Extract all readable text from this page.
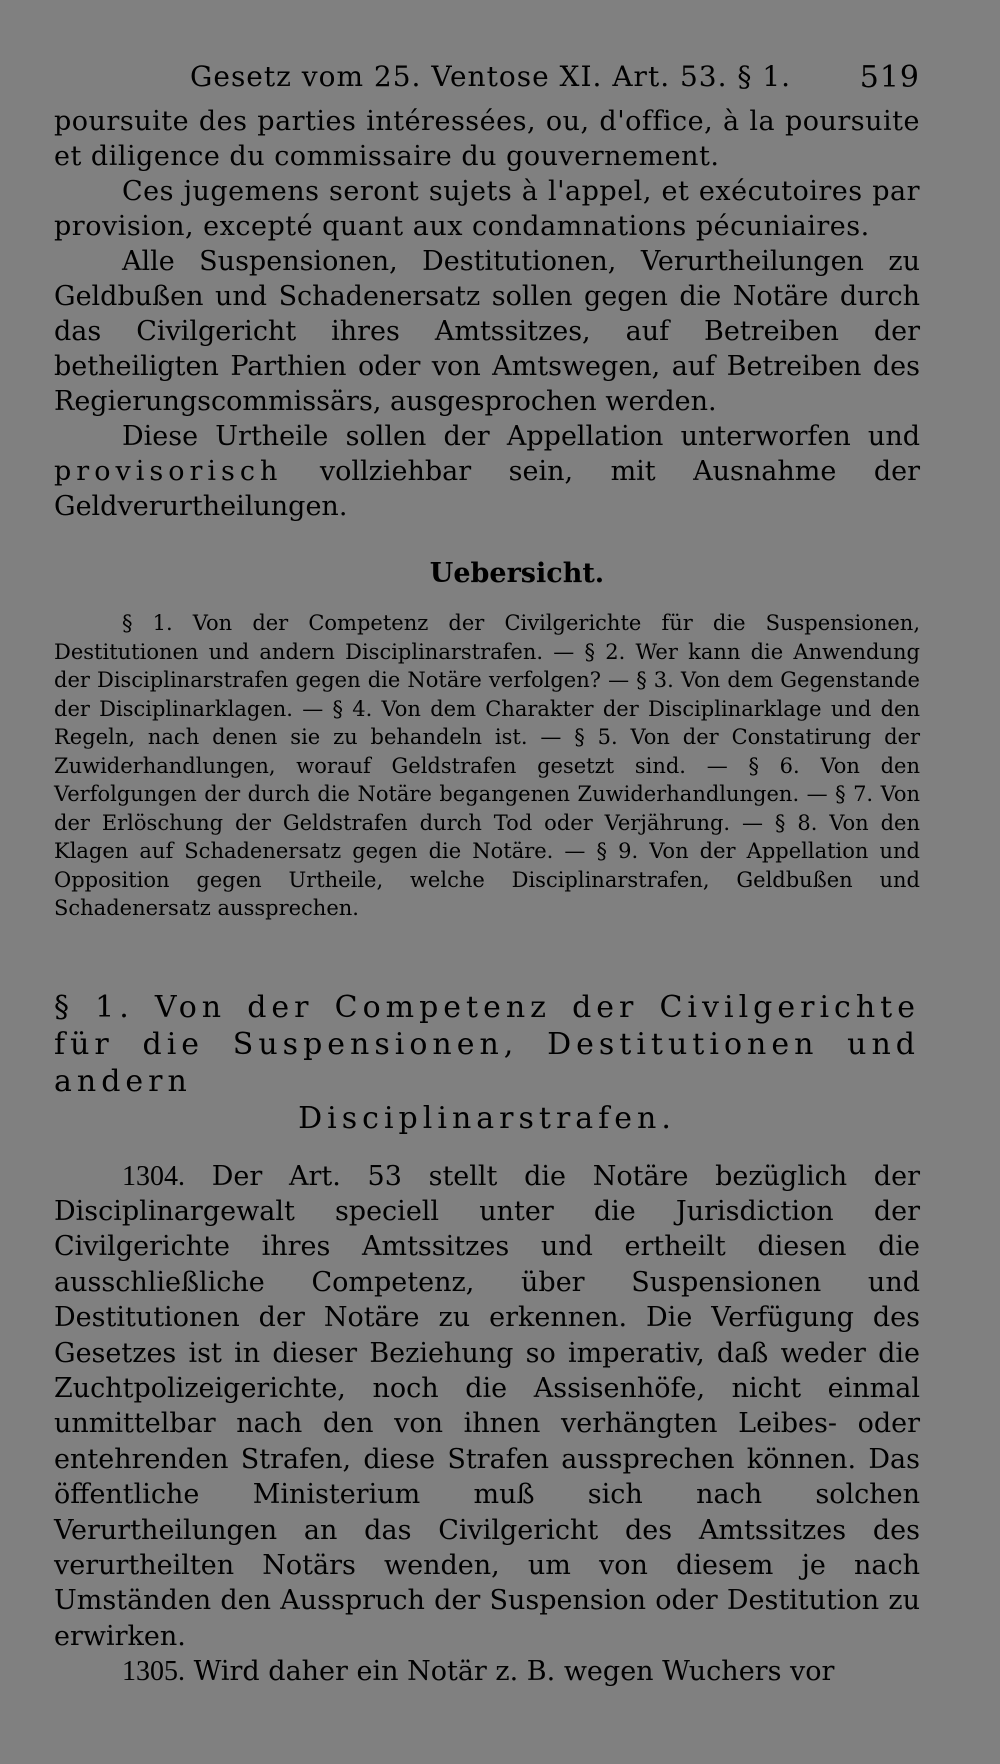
Gesetz vom 25. Ventose XI. Art. 53. § 1. 519

poursuite des parties intéressées, ou, d'office, à la poursuite et diligence du commissaire du gouvernement.

Ces jugemens seront sujets à l'appel, et exécutoires par provision, excepté quant aux condamnations pécuniaires.

Alle Suspensionen, Destitutionen, Verurtheilungen zu Geldbußen und Schadenersatz sollen gegen die Notäre durch das Civilgericht ihres Amtssitzes, auf Betreiben der betheiligten Parthien oder von Amtswegen, auf Betreiben des Regierungscommissärs, ausgesprochen werden.

Diese Urtheile sollen der Appellation unterworfen und provisorisch vollziehbar sein, mit Ausnahme der Geldverurtheilungen.

Uebersicht.

§ 1. Von der Competenz der Civilgerichte für die Suspensionen, Destitutionen und andern Disciplinarstrafen. — § 2. Wer kann die Anwendung der Disciplinarstrafen gegen die Notäre verfolgen? — § 3. Von dem Gegenstande der Disciplinarklagen. — § 4. Von dem Charakter der Disciplinarklage und den Regeln, nach denen sie zu behandeln ist. — § 5. Von der Constatirung der Zuwiderhandlungen, worauf Geldstrafen gesetzt sind. — § 6. Von den Verfolgungen der durch die Notäre begangenen Zuwiderhandlungen. — § 7. Von der Erlöschung der Geldstrafen durch Tod oder Verjährung. — § 8. Von den Klagen auf Schadenersatz gegen die Notäre. — § 9. Von der Appellation und Opposition gegen Urtheile, welche Disciplinarstrafen, Geldbußen und Schadenersatz aussprechen.

§ 1. Von der Competenz der Civilgerichte für die Suspensionen, Destitutionen und andern
Disciplinarstrafen.

1304. Der Art. 53 stellt die Notäre bezüglich der Disciplinargewalt speciell unter die Jurisdiction der Civilgerichte ihres Amtssitzes und ertheilt diesen die ausschließliche Competenz, über Suspensionen und Destitutionen der Notäre zu erkennen. Die Verfügung des Gesetzes ist in dieser Beziehung so imperativ, daß weder die Zuchtpolizeigerichte, noch die Assisenhöfe, nicht einmal unmittelbar nach den von ihnen verhängten Leibes- oder entehrenden Strafen, diese Strafen aussprechen können. Das öffentliche Ministerium muß sich nach solchen Verurtheilungen an das Civilgericht des Amtssitzes des verurtheilten Notärs wenden, um von diesem je nach Umständen den Ausspruch der Suspension oder Destitution zu erwirken.

1305. Wird daher ein Notär z. B. wegen Wuchers vor
